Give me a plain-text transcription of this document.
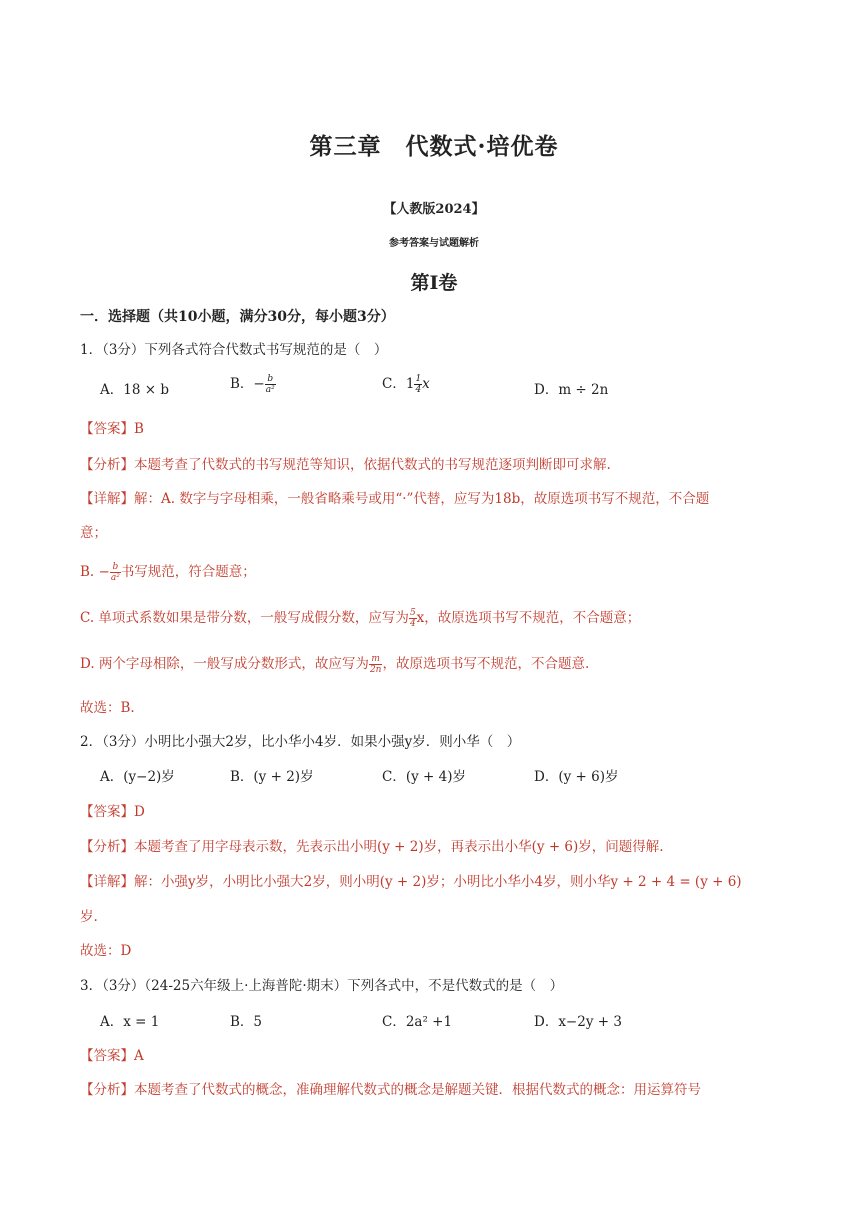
第三章　代数式·培优卷
【人教版2024】
参考答案与试题解析
第Ⅰ卷
一．选择题（共10小题，满分30分，每小题3分）
1．（3分）下列各式符合代数式书写规范的是（　）
A．18 × b	B．− $\frac{b}{\text{a²}}$	C．$1 \frac{1}{4}$ x	D．m ÷ 2n
【答案】B
【分析】本题考查了代数式的书写规范等知识，依据代数式的书写规范逐项判断即可求解.
【详解】解：A. 数字与字母相乘，一般省略乘号或用“·”代替，应写为18b，故原选项书写不规范，不合题
意；
B. − $\frac{b}{\text{a²}}$ 书写规范，符合题意；
C. 单项式系数如果是带分数，一般写成假分数，应写为 $\frac{5}{4}$ x，故原选项书写不规范，不合题意；
D. 两个字母相除，一般写成分数形式，故应写为 $\frac{m}{2n}$ ，故原选项书写不规范，不合题意.
故选：B.
2．（3分）小明比小强大2岁，比小华小4岁．如果小强y岁．则小华（　）
A．(y−2)岁	B．(y + 2)岁	C．(y + 4)岁	D．(y + 6)岁
【答案】D
【分析】本题考查了用字母表示数，先表示出小明(y + 2)岁，再表示出小华(y + 6)岁，问题得解.
【详解】解：小强y岁，小明比小强大2岁，则小明(y + 2)岁；小明比小华小4岁，则小华y + 2 + 4 = (y + 6)
岁.
故选：D
3．（3分）（24-25六年级上·上海普陀·期末）下列各式中，不是代数式的是（　）
A．x = 1	B．5	C．2a² +1	D．x−2y + 3
【答案】A
【分析】本题考查了代数式的概念，准确理解代数式的概念是解题关键．根据代数式的概念：用运算符号
